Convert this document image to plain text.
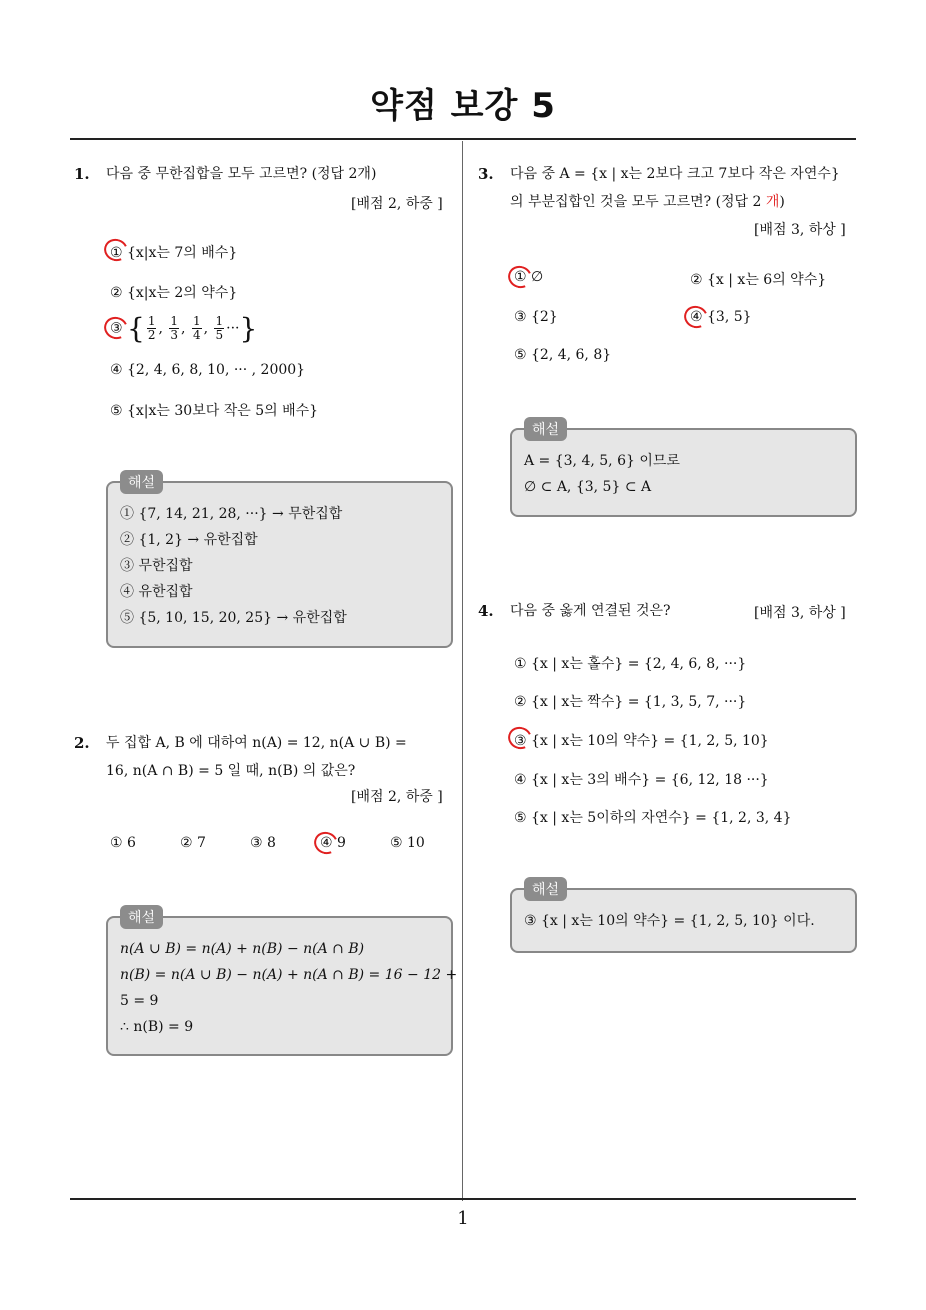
약점 보강 5
1. 다음 중 무한집합을 모두 고르면? (정답 2개)
[배점 2, 하중 ]
① {x|x는 7의 배수}
② {x|x는 2의 약수}
③ { $\frac{1}{2}$ , $\frac{1}{3}$ , $\frac{1}{4}$ , $\frac{1}{5}$ ···}
④ {2, 4, 6, 8, 10, ··· , 2000}
⑤ {x|x는 30보다 작은 5의 배수}
해설
① {7, 14, 21, 28, ···} → 무한집합
② {1, 2} → 유한집합
③ 무한집합
④ 유한집합
⑤ {5, 10, 15, 20, 25} → 유한집합
2. 두 집합 A, B 에 대하여 n(A) = 12, n(A ∪ B) =
16, n(A ∩ B) = 5 일 때, n(B) 의 값은?
[배점 2, 하중 ]
① 6	② 7	③ 8	④ 9	⑤ 10
해설
n(A ∪ B) = n(A) + n(B) − n(A ∩ B)
n(B) = n(A ∪ B) − n(A) + n(A ∩ B) = 16 − 12 +
5 = 9
∴ n(B) = 9
3. 다음 중 A = {x | x는 2보다 크고 7보다 작은 자연수}
의 부분집합인 것을 모두 고르면? (정답 2 개)
[배점 3, 하상 ]
① ∅	② {x | x는 6의 약수}
③ {2}	④ {3, 5}
⑤ {2, 4, 6, 8}
해설
A = {3, 4, 5, 6} 이므로
∅ ⊂ A, {3, 5} ⊂ A
4. 다음 중 옳게 연결된 것은?	[배점 3, 하상 ]
① {x | x는 홀수} = {2, 4, 6, 8, ···}
② {x | x는 짝수} = {1, 3, 5, 7, ···}
③ {x | x는 10의 약수} = {1, 2, 5, 10}
④ {x | x는 3의 배수} = {6, 12, 18 ···}
⑤ {x | x는 5이하의 자연수} = {1, 2, 3, 4}
해설
③ {x | x는 10의 약수} = {1, 2, 5, 10} 이다.
1
